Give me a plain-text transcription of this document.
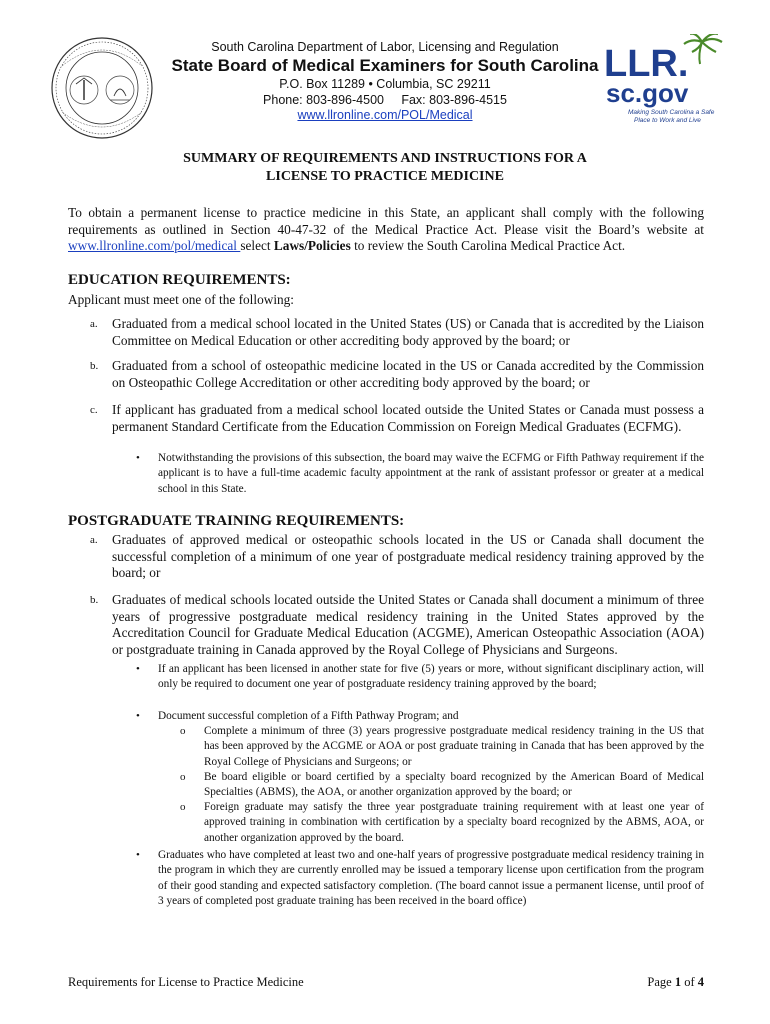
South Carolina Department of Labor, Licensing and Regulation
State Board of Medical Examiners for South Carolina
P.O. Box 11289 • Columbia, SC 29211
Phone: 803-896-4500     Fax: 803-896-4515
www.llronline.com/POL/Medical
LLR.
sc.gov
Making South Carolina a Safe
Place to Work and Live
SUMMARY OF REQUIREMENTS AND INSTRUCTIONS FOR A
LICENSE TO PRACTICE MEDICINE
To obtain a permanent license to practice medicine in this State, an applicant shall comply with the following requirements as outlined in Section 40-47-32 of the Medical Practice Act. Please visit the Board’s website at www.llronline.com/pol/medical select Laws/Policies to review the South Carolina Medical Practice Act.
EDUCATION REQUIREMENTS:
Applicant must meet one of the following:
a. Graduated from a medical school located in the United States (US) or Canada that is accredited by the Liaison Committee on Medical Education or other accrediting body approved by the board; or
b. Graduated from a school of osteopathic medicine located in the US or Canada accredited by the Commission on Osteopathic College Accreditation or other accrediting body approved by the board; or
c. If applicant has graduated from a medical school located outside the United States or Canada must possess a permanent Standard Certificate from the Education Commission on Foreign Medical Graduates (ECFMG).
• Notwithstanding the provisions of this subsection, the board may waive the ECFMG or Fifth Pathway requirement if the applicant is to have a full-time academic faculty appointment at the rank of assistant professor or greater at a medical school in this State.
POSTGRADUATE TRAINING REQUIREMENTS:
a. Graduates of approved medical or osteopathic schools located in the US or Canada shall document the successful completion of a minimum of one year of postgraduate medical residency training approved by the board; or
b. Graduates of medical schools located outside the United States or Canada shall document a minimum of three years of progressive postgraduate medical residency training in the United States approved by the Accreditation Council for Graduate Medical Education (ACGME), American Osteopathic Association (AOA) or postgraduate training in Canada approved by the Royal College of Physicians and Surgeons.
• If an applicant has been licensed in another state for five (5) years or more, without significant disciplinary action, will only be required to document one year of postgraduate residency training approved by the board;
• Document successful completion of a Fifth Pathway Program; and
o Complete a minimum of three (3) years progressive postgraduate medical residency training in the US that has been approved by the ACGME or AOA or post graduate training in Canada that has been approved by the Royal College of Physicians and Surgeons; or
o Be board eligible or board certified by a specialty board recognized by the American Board of Medical Specialties (ABMS), the AOA, or another organization approved by the board; or
o Foreign graduate may satisfy the three year postgraduate training requirement with at least one year of approved training in combination with certification by a specialty board recognized by the ABMS, AOA, or another organization approved by the board.
• Graduates who have completed at least two and one-half years of progressive postgraduate medical residency training in the program in which they are currently enrolled may be issued a temporary license upon certification from the program of their good standing and expected satisfactory completion. (The board cannot issue a permanent license, until proof of 3 years of completed post graduate training has been received in the board office)
Requirements for License to Practice Medicine	Page 1 of 4
